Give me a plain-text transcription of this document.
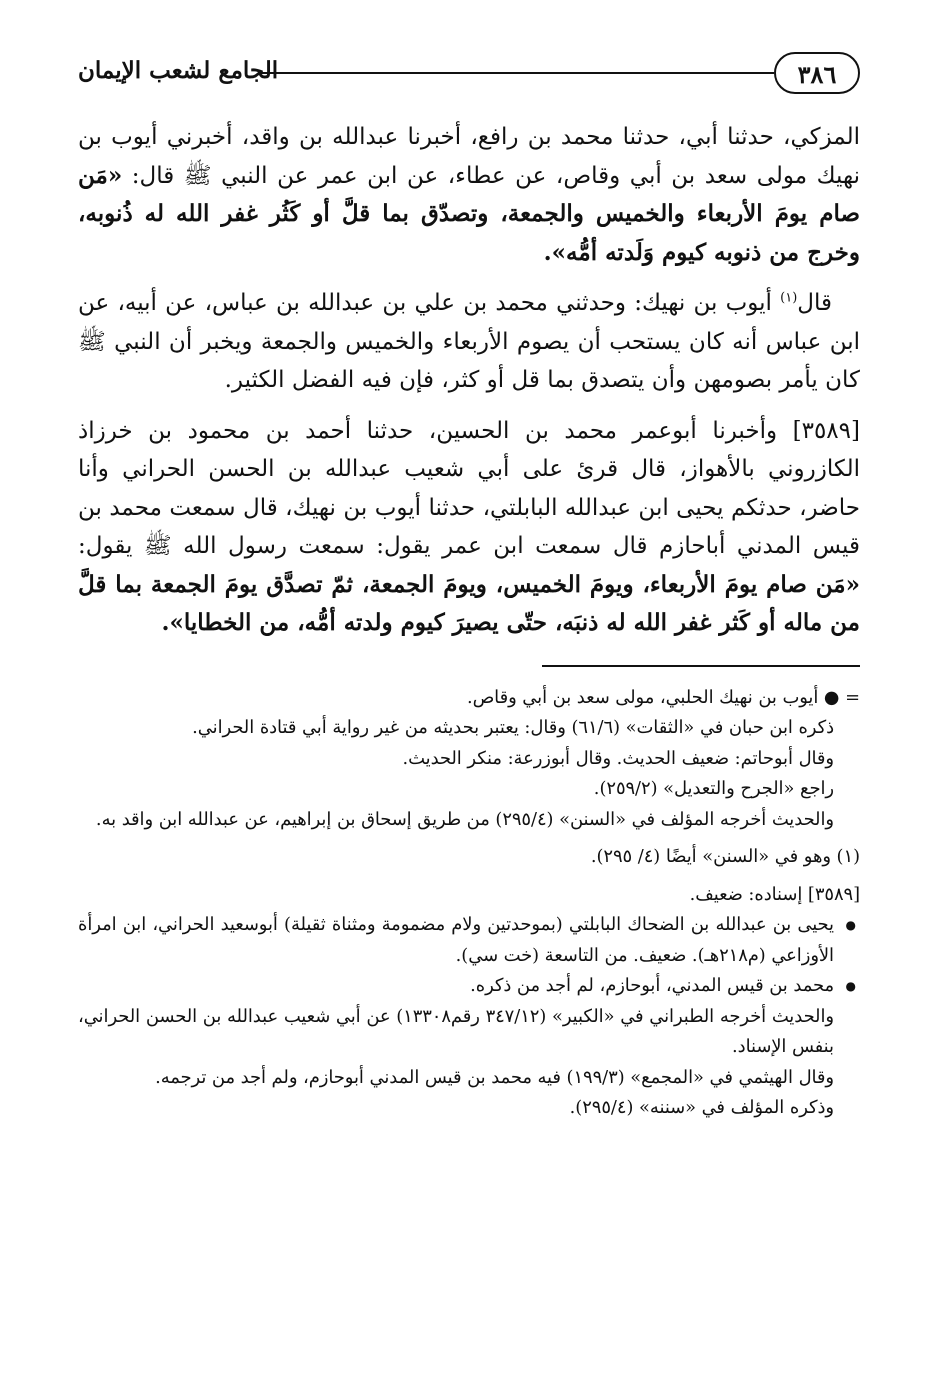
٣٨٦
الجامع لشعب الإيمان

المزكي، حدثنا أبي، حدثنا محمد بن رافع، أخبرنا عبدالله بن واقد، أخبرني أيوب بن نهيك مولى سعد بن أبي وقاص، عن عطاء، عن ابن عمر عن النبي ﷺ قال: «مَن صام يومَ الأربعاء والخميس والجمعة، وتصدّق بما قلَّ أو كَثُر غفر الله له ذُنوبه، وخرج من ذنوبه كيوم وَلَدته أمُّه».

قال$^{(١)}$ أيوب بن نهيك: وحدثني محمد بن علي بن عبدالله بن عباس، عن أبيه، عن ابن عباس أنه كان يستحب أن يصوم الأربعاء والخميس والجمعة ويخبر أن النبي ﷺ كان يأمر بصومهن وأن يتصدق بما قل أو كثر، فإن فيه الفضل الكثير.

[٣٥٨٩] وأخبرنا أبوعمر محمد بن الحسين، حدثنا أحمد بن محمود بن خرزاذ الكازروني بالأهواز، قال قرئ على أبي شعيب عبدالله بن الحسن الحراني وأنا حاضر، حدثكم يحيى ابن عبدالله البابلتي، حدثنا أيوب بن نهيك، قال سمعت محمد بن قيس المدني أباحازم قال سمعت ابن عمر يقول: سمعت رسول الله ﷺ يقول: «مَن صام يومَ الأربعاء، ويومَ الخميس، ويومَ الجمعة، ثمّ تصدَّق يومَ الجمعة بما قلَّ من ماله أو كَثر غفر الله له ذنبَه، حتّى يصيرَ كيوم ولدته أمُّه، من الخطايا».

= ● أيوب بن نهيك الحلبي، مولى سعد بن أبي وقاص.

ذكره ابن حبان في «الثقات» (٦١/٦) وقال: يعتبر بحديثه من غير رواية أبي قتادة الحراني.

وقال أبوحاتم: ضعيف الحديث. وقال أبوزرعة: منكر الحديث.

راجع «الجرح والتعديل» (٢٥٩/٢).

والحديث أخرجه المؤلف في «السنن» (٢٩٥/٤) من طريق إسحاق بن إبراهيم، عن عبدالله ابن واقد به.

(١) وهو في «السنن» أيضًا (٤/ ٢٩٥).

[٣٥٨٩] إسناده: ضعيف.

● يحيى بن عبدالله بن الضحاك البابلتي (بموحدتين ولام مضمومة ومثناة ثقيلة) أبوسعيد الحراني، ابن امرأة الأوزاعي (م٢١٨هـ). ضعيف. من التاسعة (خت سي).

● محمد بن قيس المدني، أبوحازم، لم أجد من ذكره.

والحديث أخرجه الطبراني في «الكبير» (٣٤٧/١٢ رقم١٣٣٠٨) عن أبي شعيب عبدالله بن الحسن الحراني، بنفس الإسناد.

وقال الهيثمي في «المجمع» (١٩٩/٣) فيه محمد بن قيس المدني أبوحازم، ولم أجد من ترجمه.

وذكره المؤلف في «سننه» (٢٩٥/٤).
